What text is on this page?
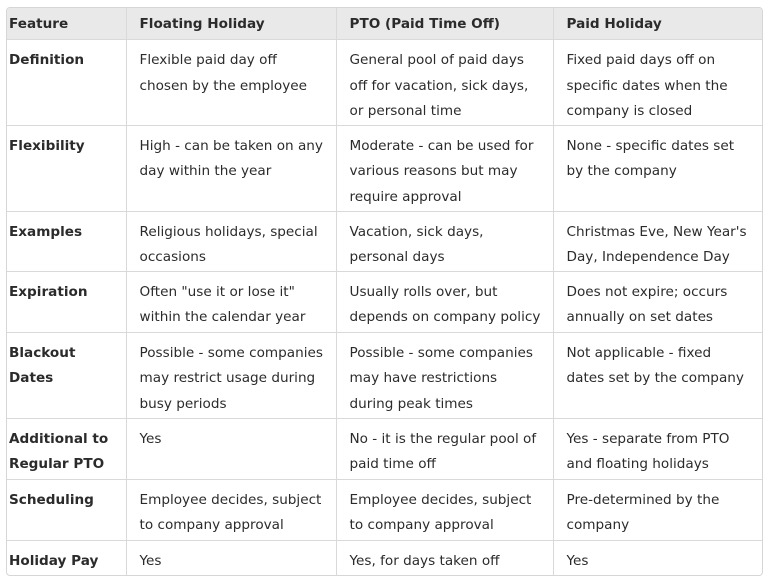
Feature	Floating Holiday	PTO (Paid Time Off)	Paid Holiday
Definition	Flexible paid day off chosen by the employee	General pool of paid days off for vacation, sick days, or personal time	Fixed paid days off on specific dates when the company is closed
Flexibility	High - can be taken on any day within the year	Moderate - can be used for various reasons but may require approval	None - specific dates set by the company
Examples	Religious holidays, special occasions	Vacation, sick days, personal days	Christmas Eve, New Year's Day, Independence Day
Expiration	Often "use it or lose it" within the calendar year	Usually rolls over, but depends on company policy	Does not expire; occurs annually on set dates
Blackout Dates	Possible - some companies may restrict usage during busy periods	Possible - some companies may have restrictions during peak times	Not applicable - fixed dates set by the company
Additional to Regular PTO	Yes	No - it is the regular pool of paid time off	Yes - separate from PTO and floating holidays
Scheduling	Employee decides, subject to company approval	Employee decides, subject to company approval	Pre-determined by the company
Holiday Pay	Yes	Yes, for days taken off	Yes
